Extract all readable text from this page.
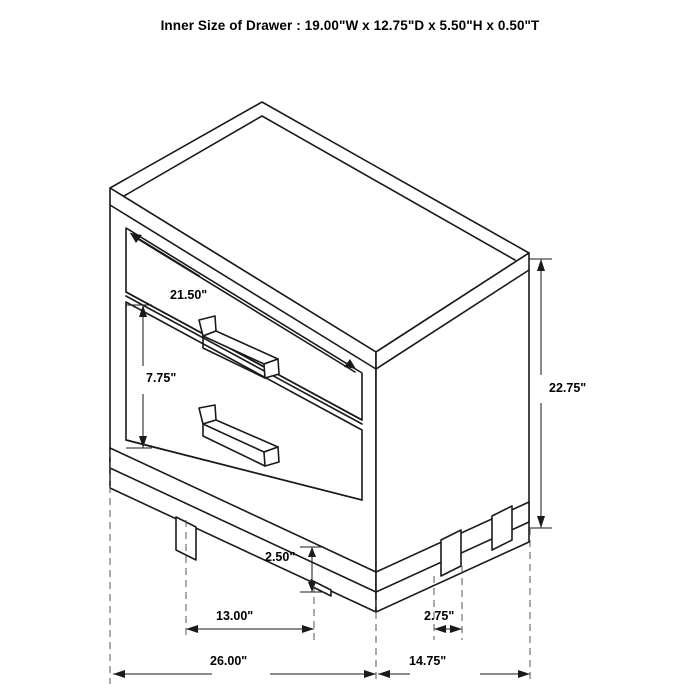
Inner Size of Drawer : 19.00"W x 12.75"D x 5.50"H x 0.50"T
21.50"
7.75"
22.75"
2.50"
13.00"	2.75"
26.00"	14.75"
